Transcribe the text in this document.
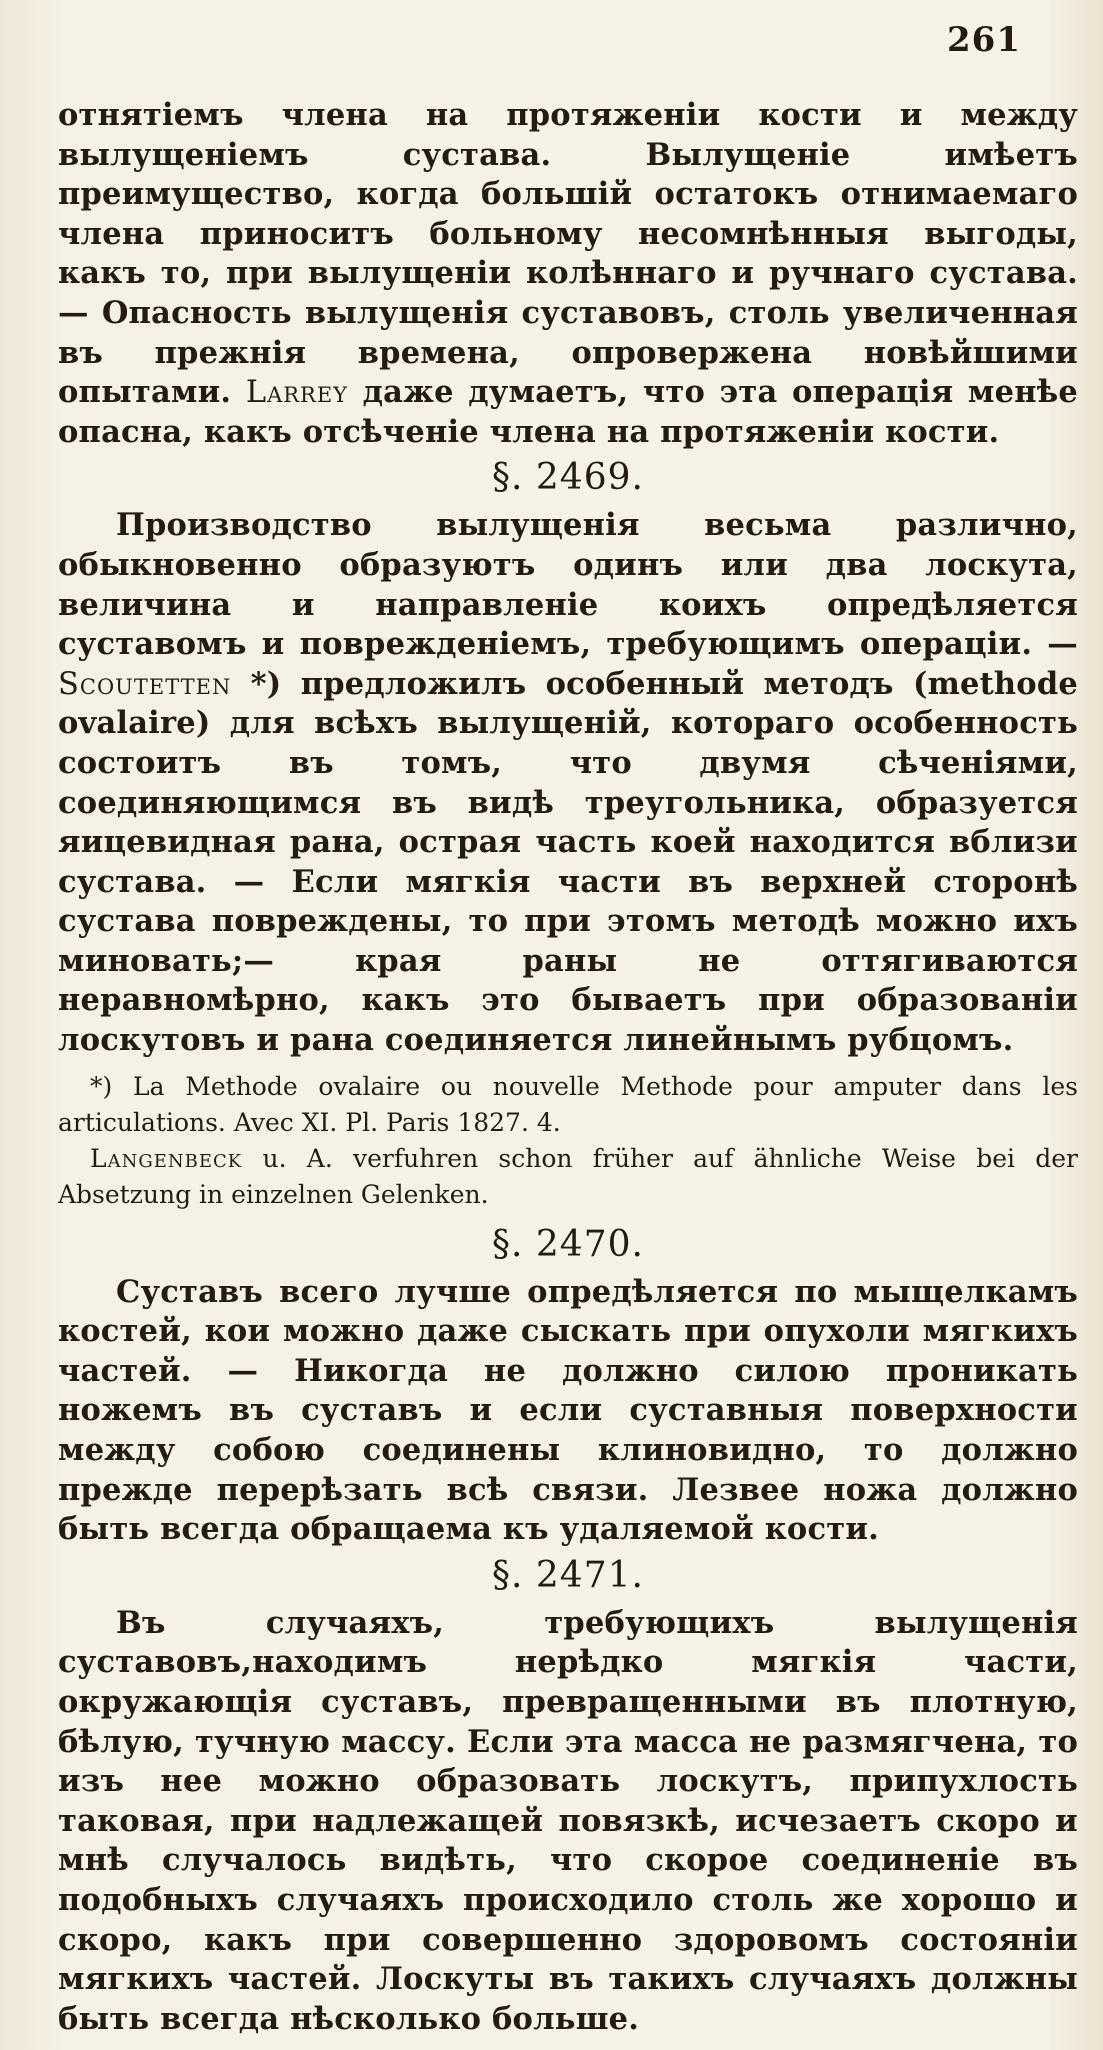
261

отнятіемъ члена на протяженіи кости и между вылущеніемъ сустава. Вылущеніе имѣетъ преимущество, когда большій остатокъ отнимаемаго члена приноситъ больному несомнѣнныя выгоды, какъ то, при вылущеніи колѣннаго и ручнаго сустава. — Опасность вылущенія суставовъ, столь увеличенная въ прежнія времена, опровержена новѣйшими опытами. Larrey даже думаетъ, что эта операція менѣе опасна, какъ отсѣченіе члена на протяженіи кости.

§. 2469.

Производство вылущенія весьма различно, обыкновенно образуютъ одинъ или два лоскута, величина и направленіе коихъ опредѣляется суставомъ и поврежденіемъ, требующимъ операціи. — Scoutetten *) предложилъ особенный методъ (methode ovalaire) для всѣхъ вылущеній, котораго особенность состоитъ въ томъ, что двумя сѣченіями, соединяющимся въ видѣ треугольника, образуется яицевидная рана, острая часть коей находится вблизи сустава. — Если мягкія части въ верхней сторонѣ сустава повреждены, то при этомъ методѣ можно ихъ миновать;— края раны не оттягиваются неравномѣрно, какъ это бываетъ при образованіи лоскутовъ и рана соединяется линейнымъ рубцомъ.

*) La Methode ovalaire ou nouvelle Methode pour amputer dans les articulations. Avec XI. Pl. Paris 1827. 4.

Langenbeck u. A. verfuhren schon früher auf ähnliche Weise bei der Absetzung in einzelnen Gelenken.

§. 2470.

Суставъ всего лучше опредѣляется по мыщелкамъ костей, кои можно даже сыскать при опухоли мягкихъ частей. — Никогда не должно силою проникать ножемъ въ суставъ и если суставныя поверхности между собою соединены клиновидно, то должно прежде перерѣзать всѣ связи. Лезвее ножа должно быть всегда обращаема къ удаляемой кости.

§. 2471.

Въ случаяхъ, требующихъ вылущенія суставовъ,находимъ нерѣдко мягкія части, окружающія суставъ, превращенными въ плотную, бѣлую, тучную массу. Если эта масса не размягчена, то изъ нее можно образовать лоскутъ, припухлость таковая, при надлежащей повязкѣ, исчезаетъ скоро и мнѣ случалось видѣть, что скорое соединеніе въ подобныхъ случаяхъ происходило столь же хорошо и скоро, какъ при совершенно здоровомъ состояніи мягкихъ частей. Лоскуты въ такихъ случаяхъ должны быть всегда нѣсколько больше.
